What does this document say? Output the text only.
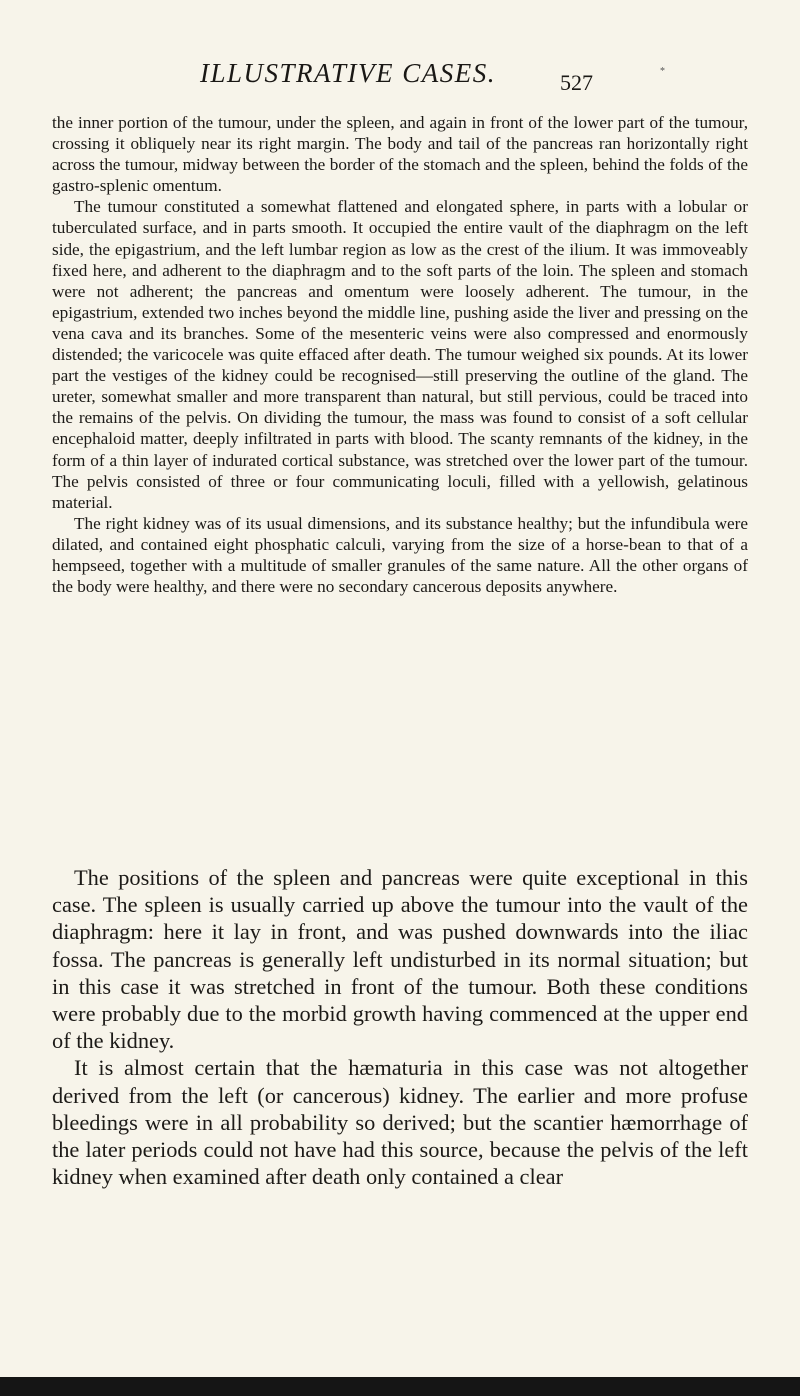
ILLUSTRATIVE CASES.	527	*

the inner portion of the tumour, under the spleen, and again in front of the lower part of the tumour, crossing it obliquely near its right margin. The body and tail of the pancreas ran horizontally right across the tumour, midway between the border of the stomach and the spleen, behind the folds of the gastro-splenic omentum.

The tumour constituted a somewhat flattened and elongated sphere, in parts with a lobular or tuberculated surface, and in parts smooth. It occupied the entire vault of the diaphragm on the left side, the epigastrium, and the left lumbar region as low as the crest of the ilium. It was immoveably fixed here, and adherent to the diaphragm and to the soft parts of the loin. The spleen and stomach were not adherent; the pancreas and omentum were loosely adherent. The tumour, in the epigastrium, extended two inches beyond the middle line, pushing aside the liver and pressing on the vena cava and its branches. Some of the mesenteric veins were also compressed and enormously distended; the varicocele was quite effaced after death. The tumour weighed six pounds. At its lower part the vestiges of the kidney could be recognised—still preserving the outline of the gland. The ureter, somewhat smaller and more transparent than natural, but still pervious, could be traced into the remains of the pelvis. On dividing the tumour, the mass was found to consist of a soft cellular encephaloid matter, deeply infiltrated in parts with blood. The scanty remnants of the kidney, in the form of a thin layer of indurated cortical substance, was stretched over the lower part of the tumour. The pelvis consisted of three or four communicating loculi, filled with a yellowish, gelatinous material.

The right kidney was of its usual dimensions, and its substance healthy; but the infundibula were dilated, and contained eight phosphatic calculi, varying from the size of a horse-bean to that of a hempseed, together with a multitude of smaller granules of the same nature. All the other organs of the body were healthy, and there were no secondary cancerous deposits anywhere.

The positions of the spleen and pancreas were quite exceptional in this case. The spleen is usually carried up above the tumour into the vault of the diaphragm: here it lay in front, and was pushed downwards into the iliac fossa. The pancreas is generally left undisturbed in its normal situation; but in this case it was stretched in front of the tumour. Both these conditions were probably due to the morbid growth having commenced at the upper end of the kidney.

It is almost certain that the hæmaturia in this case was not altogether derived from the left (or cancerous) kidney. The earlier and more profuse bleedings were in all probability so derived; but the scantier hæmorrhage of the later periods could not have had this source, because the pelvis of the left kidney when examined after death only contained a clear
